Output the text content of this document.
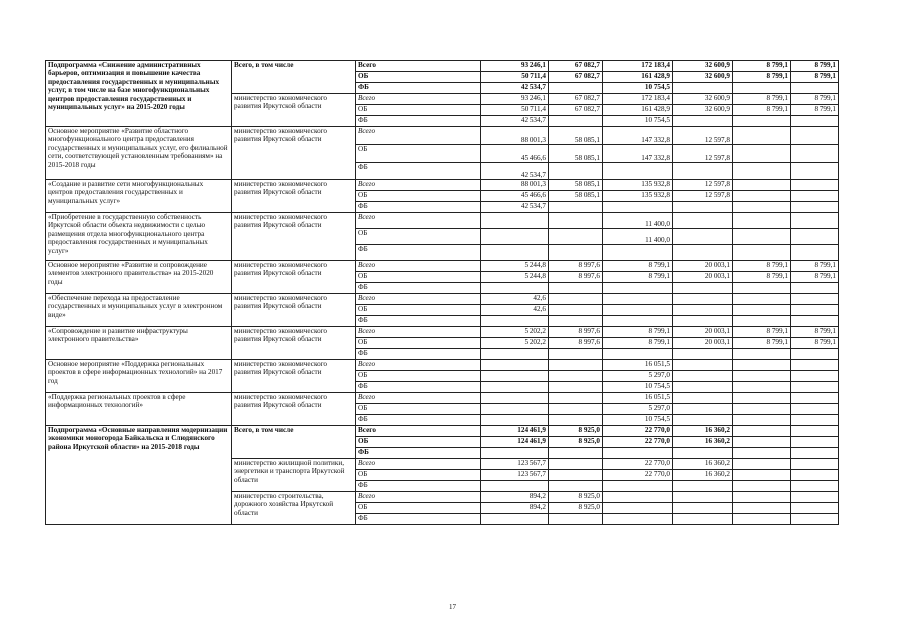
Подпрограмма «Снижение административных барьеров, оптимизация и повышение качества предоставления государственных и муниципальных услуг, в том числе на базе многофункциональных центров предоставления государственных и муниципальных услуг» на 2015-2020 годы	Всего, в том числе	Всего	93 246,1	67 082,7	172 183,4	32 600,9	8 799,1	8 799,1
		ОБ	50 711,4	67 082,7	161 428,9	32 600,9	8 799,1	8 799,1
		ФБ	42 534,7		10 754,5			
	министерство экономического развития Иркутской области	Всего	93 246,1	67 082,7	172 183,4	32 600,9	8 799,1	8 799,1
		ОБ	50 711,4	67 082,7	161 428,9	32 600,9	8 799,1	8 799,1
		ФБ	42 534,7		10 754,5			
Основное мероприятие «Развитие областного многофункционального центра предоставления государственных и муниципальных услуг, его филиальной сети, соответствующей установленным требованиям» на 2015-2018 годы	министерство экономического развития Иркутской области	Всего	88 001,3	58 085,1	147 332,8	12 597,8		
		ОБ	45 466,6	58 085,1	147 332,8	12 597,8		
		ФБ	42 534,7					
«Создание и развитие сети многофункциональных центров предоставления государственных и муниципальных услуг»	министерство экономического развития Иркутской области	Всего	88 001,3	58 085,1	135 932,8	12 597,8		
		ОБ	45 466,6	58 085,1	135 932,8	12 597,8		
		ФБ	42 534,7					
«Приобретение в государственную собственность Иркутской области объекта недвижимости с целью размещения отдела многофункционального центра предоставления государственных и муниципальных услуг»	министерство экономического развития Иркутской области	Всего			11 400,0			
		ОБ			11 400,0			
		ФБ						
Основное мероприятие «Развитие и сопровождение элементов электронного правительства» на 2015-2020 годы	министерство экономического развития Иркутской области	Всего	5 244,8	8 997,6	8 799,1	20 003,1	8 799,1	8 799,1
		ОБ	5 244,8	8 997,6	8 799,1	20 003,1	8 799,1	8 799,1
		ФБ						
«Обеспечение перехода на предоставление государственных и муниципальных услуг в электронном виде»	министерство экономического развития Иркутской области	Всего	42,6					
		ОБ	42,6					
		ФБ						
«Сопровождение и развитие инфраструктуры электронного правительства»	министерство экономического развития Иркутской области	Всего	5 202,2	8 997,6	8 799,1	20 003,1	8 799,1	8 799,1
		ОБ	5 202,2	8 997,6	8 799,1	20 003,1	8 799,1	8 799,1
		ФБ						
Основное мероприятие «Поддержка региональных проектов в сфере информационных технологий» на 2017 год	министерство экономического развития Иркутской области	Всего			16 051,5			
		ОБ			5 297,0			
		ФБ			10 754,5			
«Поддержка региональных проектов в сфере информационных технологий»	министерство экономического развития Иркутской области	Всего			16 051,5			
		ОБ			5 297,0			
		ФБ			10 754,5			
Подпрограмма «Основные направления модернизации экономики моногорода Байкальска и Слюдянского района Иркутской области» на 2015-2018 годы	Всего, в том числе	Всего	124 461,9	8 925,0	22 770,0	16 360,2		
		ОБ	124 461,9	8 925,0	22 770,0	16 360,2		
		ФБ						
	министерство жилищной политики, энергетики и транспорта Иркутской области	Всего	123 567,7		22 770,0	16 360,2		
		ОБ	123 567,7		22 770,0	16 360,2		
		ФБ						
	министерство строительства, дорожного хозяйства Иркутской области	Всего	894,2	8 925,0				
		ОБ	894,2	8 925,0				
		ФБ						
17
